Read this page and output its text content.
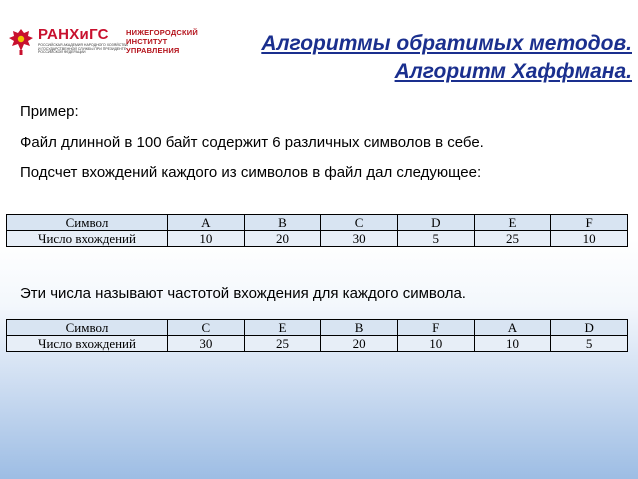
РАНХиГС
РОССИЙСКАЯ АКАДЕМИЯ НАРОДНОГО ХОЗЯЙСТВА И ГОСУДАРСТВЕННОЙ СЛУЖБЫ ПРИ ПРЕЗИДЕНТЕ РОССИЙСКОЙ ФЕДЕРАЦИИ
НИЖЕГОРОДСКИЙ
ИНСТИТУТ
УПРАВЛЕНИЯ	Алгоритмы обратимых методов.
Алгоритм Хаффмана.
Пример:
Файл длинной в 100 байт содержит 6 различных символов в себе.
Подсчет вхождений каждого из символов в файл дал следующее:
Символ	A	B	C	D	E	F
Число вхождений	10	20	30	5	25	10
Эти числа называют частотой вхождения для каждого символа.
Символ	C	E	B	F	A	D
Число вхождений	30	25	20	10	10	5
